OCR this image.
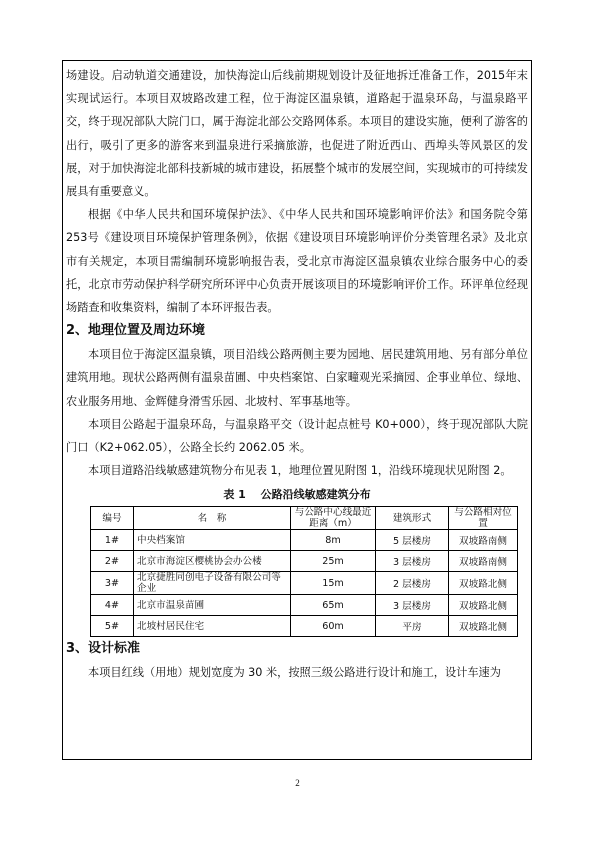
场建设。启动轨道交通建设，加快海淀山后线前期规划设计及征地拆迁准备工作，2015年末实现试运行。本项目双坡路改建工程，位于海淀区温泉镇，道路起于温泉环岛，与温泉路平交，终于现况部队大院门口，属于海淀北部公交路网体系。本项目的建设实施，便利了游客的出行，吸引了更多的游客来到温泉进行采摘旅游，也促进了附近西山、西埠头等风景区的发展，对于加快海淀北部科技新城的城市建设，拓展整个城市的发展空间，实现城市的可持续发展具有重要意义。

根据《中华人民共和国环境保护法》、《中华人民共和国环境影响评价法》和国务院令第253号《建设项目环境保护管理条例》，依据《建设项目环境影响评价分类管理名录》及北京市有关规定，本项目需编制环境影响报告表，受北京市海淀区温泉镇农业综合服务中心的委托，北京市劳动保护科学研究所环评中心负责开展该项目的环境影响评价工作。环评单位经现场踏查和收集资料，编制了本环评报告表。

2、地理位置及周边环境

本项目位于海淀区温泉镇，项目沿线公路两侧主要为园地、居民建筑用地、另有部分单位建筑用地。现状公路两侧有温泉苗圃、中央档案馆、白家疃观光采摘园、企事业单位、绿地、农业服务用地、金辉健身滑雪乐园、北坡村、军事基地等。

本项目公路起于温泉环岛，与温泉路平交（设计起点桩号 K0+000），终于现况部队大院门口（K2+062.05），公路全长约 2062.05 米。

本项目道路沿线敏感建筑物分布见表 1，地理位置见附图 1，沿线环境现状见附图 2。

表 1　 公路沿线敏感建筑分布
编号	名　称	与公路中心线最近距离（m）	建筑形式	与公路相对位置
1#	中央档案馆	8m	5 层楼房	双坡路南侧
2#	北京市海淀区樱桃协会办公楼	25m	3 层楼房	双坡路南侧
3#	北京捷胜同创电子设备有限公司等企业	15m	2 层楼房	双坡路北侧
4#	北京市温泉苗圃	65m	3 层楼房	双坡路北侧
5#	北坡村居民住宅	60m	平房	双坡路北侧
3、设计标准

本项目红线（用地）规划宽度为 30 米，按照三级公路进行设计和施工，设计车速为

2
